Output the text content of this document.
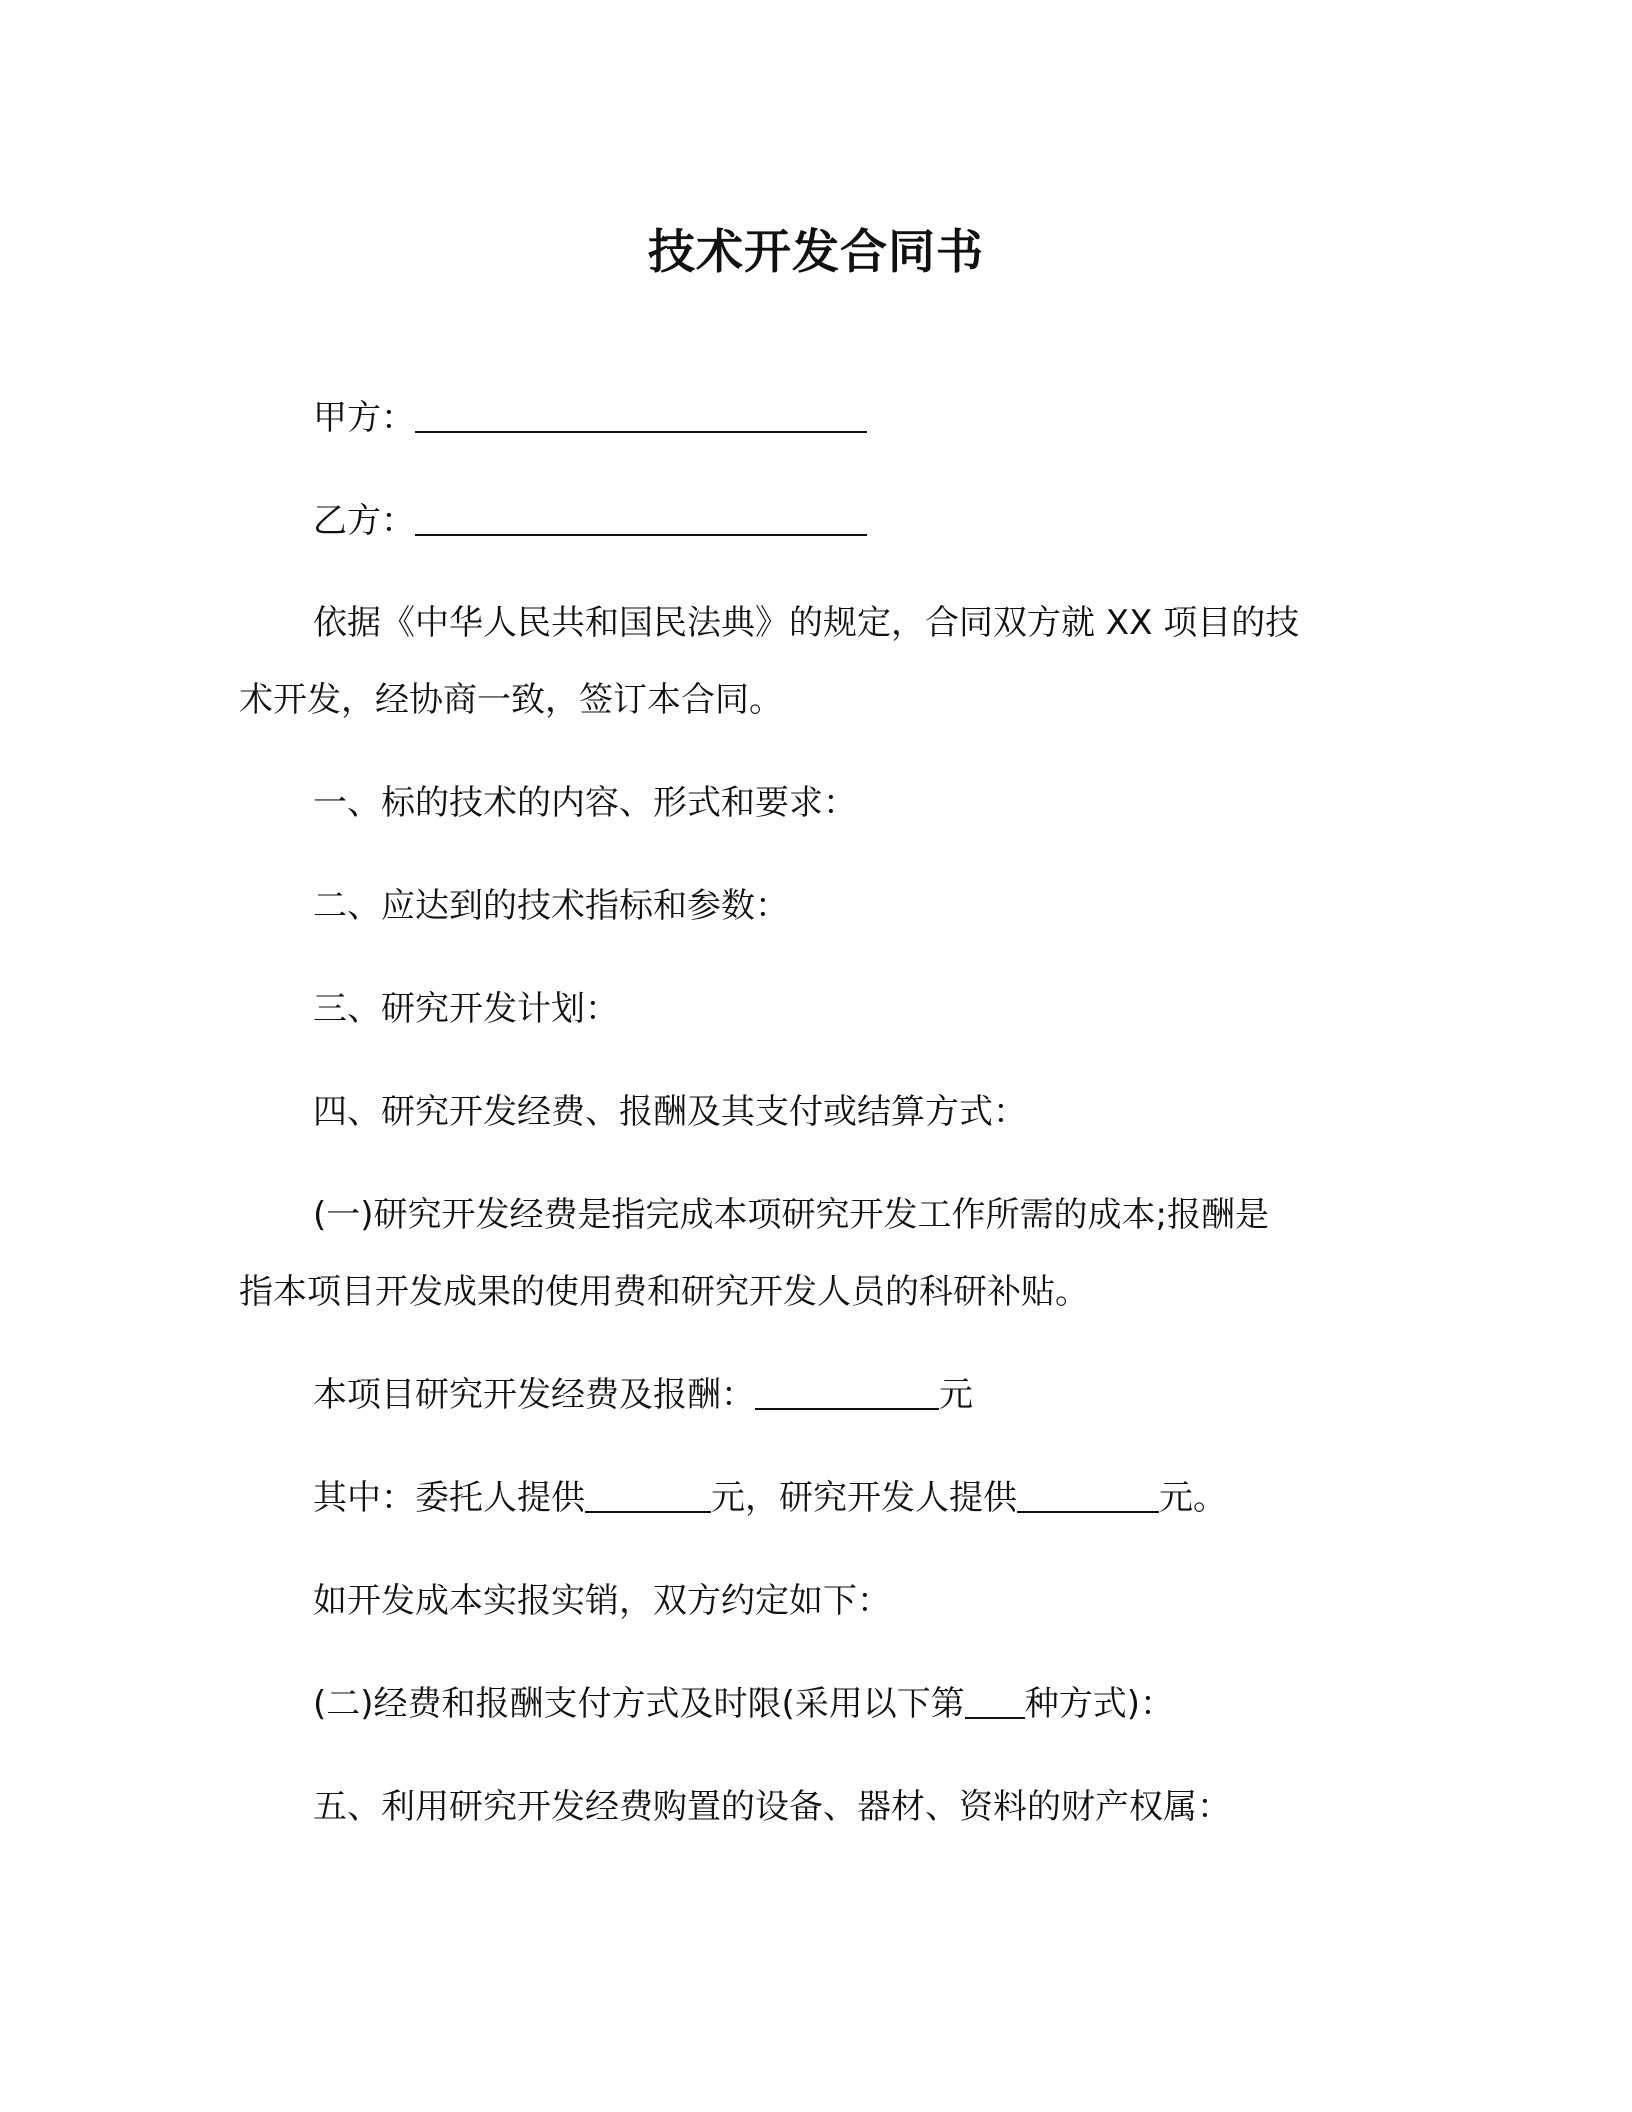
技术开发合同书
甲方：
乙方：
依据《中华人民共和国民法典》的规定，合同双方就 XX 项目的技
术开发，经协商一致，签订本合同。
一、标的技术的内容、形式和要求：
二、应达到的技术指标和参数：
三、研究开发计划：
四、研究开发经费、报酬及其支付或结算方式：
(一)研究开发经费是指完成本项研究开发工作所需的成本;报酬是
指本项目开发成果的使用费和研究开发人员的科研补贴。
本项目研究开发经费及报酬：	元
其中：委托人提供	元，研究开发人提供	元。
如开发成本实报实销，双方约定如下：
(二)经费和报酬支付方式及时限(采用以下第 种方式)：
五、利用研究开发经费购置的设备、器材、资料的财产权属：
